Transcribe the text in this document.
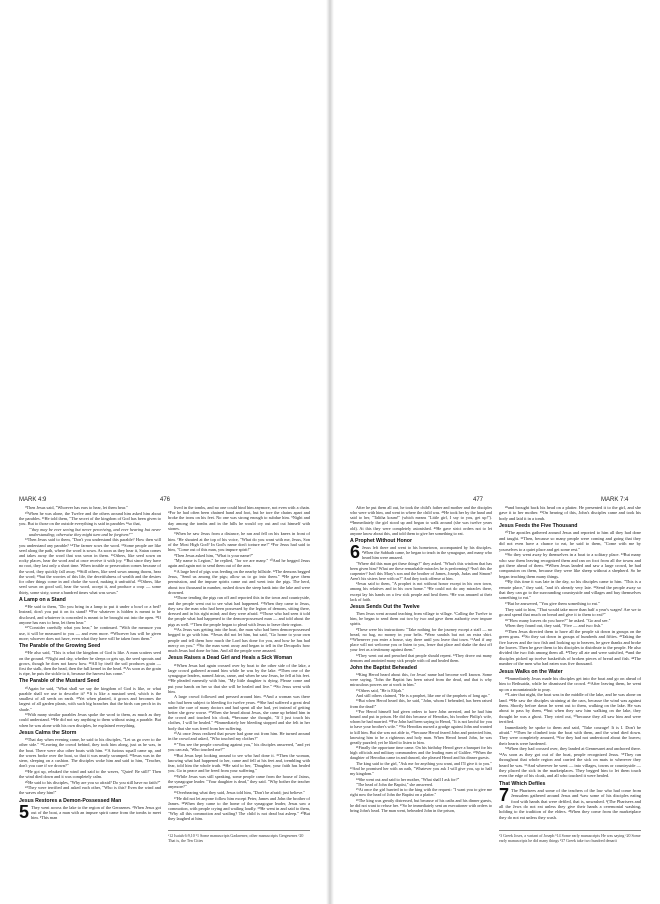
MARK 4:9	476

⁹Then Jesus said, "Whoever has ears to hear, let them hear."

¹⁰When he was alone, the Twelve and the others around him asked him about the parables. ¹¹He told them, "The secret of the kingdom of God has been given to you. But to those on the outside everything is said in parables ¹²so that,

"'they may be ever seeing but never perceiving, and ever hearing but never understanding; otherwise they might turn and be forgiven!'"

¹³Then Jesus said to them, "Don't you understand this parable? How then will you understand any parable? ¹⁴The farmer sows the word. ¹⁵Some people are like seed along the path, where the word is sown. As soon as they hear it, Satan comes and takes away the word that was sown in them. ¹⁶Others, like seed sown on rocky places, hear the word and at once receive it with joy. ¹⁷But since they have no root, they last only a short time. When trouble or persecution comes because of the word, they quickly fall away. ¹⁸Still others, like seed sown among thorns, hear the word; ¹⁹but the worries of this life, the deceitfulness of wealth and the desires for other things come in and choke the word, making it unfruitful. ²⁰Others, like seed sown on good soil, hear the word, accept it, and produce a crop — some thirty, some sixty, some a hundred times what was sown."

A Lamp on a Stand

²¹He said to them, "Do you bring in a lamp to put it under a bowl or a bed? Instead, don't you put it on its stand? ²²For whatever is hidden is meant to be disclosed, and whatever is concealed is meant to be brought out into the open. ²³If anyone has ears to hear, let them hear."

²⁴"Consider carefully what you hear," he continued. "With the measure you use, it will be measured to you — and even more. ²⁵Whoever has will be given more; whoever does not have, even what they have will be taken from them."

The Parable of the Growing Seed

²⁶He also said, "This is what the kingdom of God is like. A man scatters seed on the ground. ²⁷Night and day, whether he sleeps or gets up, the seed sprouts and grows, though he does not know how. ²⁸All by itself the soil produces grain — first the stalk, then the head, then the full kernel in the head. ²⁹As soon as the grain is ripe, he puts the sickle to it, because the harvest has come."

The Parable of the Mustard Seed

³⁰Again he said, "What shall we say the kingdom of God is like, or what parable shall we use to describe it? ³¹It is like a mustard seed, which is the smallest of all seeds on earth. ³²Yet when planted, it grows and becomes the largest of all garden plants, with such big branches that the birds can perch in its shade."

³³With many similar parables Jesus spoke the word to them, as much as they could understand. ³⁴He did not say anything to them without using a parable. But when he was alone with his own disciples, he explained everything.

Jesus Calms the Storm

³⁵That day when evening came, he said to his disciples, "Let us go over to the other side." ³⁶Leaving the crowd behind, they took him along, just as he was, in the boat. There were also other boats with him. ³⁷A furious squall came up, and the waves broke over the boat, so that it was nearly swamped. ³⁸Jesus was in the stern, sleeping on a cushion. The disciples woke him and said to him, "Teacher, don't you care if we drown?"

³⁹He got up, rebuked the wind and said to the waves, "Quiet! Be still!" Then the wind died down and it was completely calm.

⁴⁰He said to his disciples, "Why are you so afraid? Do you still have no faith?"

⁴¹They were terrified and asked each other, "Who is this? Even the wind and the waves obey him!"

Jesus Restores a Demon-Possessed Man

5 They went across the lake to the region of the Gerasenes. ²When Jesus got out of the boat, a man with an impure spirit came from the tombs to meet him. ³This man

lived in the tombs, and no one could bind him anymore, not even with a chain. ⁴For he had often been chained hand and foot, but he tore the chains apart and broke the irons on his feet. No one was strong enough to subdue him. ⁵Night and day among the tombs and in the hills he would cry out and cut himself with stones.

⁶When he saw Jesus from a distance, he ran and fell on his knees in front of him. ⁷He shouted at the top of his voice, "What do you want with me, Jesus, Son of the Most High God? In God's name don't torture me!" ⁸For Jesus had said to him, "Come out of this man, you impure spirit!"

⁹Then Jesus asked him, "What is your name?"

"My name is Legion," he replied, "for we are many." ¹⁰And he begged Jesus again and again not to send them out of the area.

¹¹A large herd of pigs was feeding on the nearby hillside. ¹²The demons begged Jesus, "Send us among the pigs; allow us to go into them." ¹³He gave them permission, and the impure spirits came out and went into the pigs. The herd, about two thousand in number, rushed down the steep bank into the lake and were drowned.

¹⁴Those tending the pigs ran off and reported this in the town and countryside, and the people went out to see what had happened. ¹⁵When they came to Jesus, they saw the man who had been possessed by the legion of demons, sitting there, dressed and in his right mind; and they were afraid. ¹⁶Those who had seen it told the people what had happened to the demon-possessed man — and told about the pigs as well. ¹⁷Then the people began to plead with Jesus to leave their region.

¹⁸As Jesus was getting into the boat, the man who had been demon-possessed begged to go with him. ¹⁹Jesus did not let him, but said, "Go home to your own people and tell them how much the Lord has done for you, and how he has had mercy on you." ²⁰So the man went away and began to tell in the Decapolis how much Jesus had done for him. And all the people were amazed.

Jesus Raises a Dead Girl and Heals a Sick Woman

²¹When Jesus had again crossed over by boat to the other side of the lake, a large crowd gathered around him while he was by the lake. ²²Then one of the synagogue leaders, named Jairus, came, and when he saw Jesus, he fell at his feet. ²³He pleaded earnestly with him, "My little daughter is dying. Please come and put your hands on her so that she will be healed and live." ²⁴So Jesus went with him.

A large crowd followed and pressed around him. ²⁵And a woman was there who had been subject to bleeding for twelve years. ²⁶She had suffered a great deal under the care of many doctors and had spent all she had, yet instead of getting better she grew worse. ²⁷When she heard about Jesus, she came up behind him in the crowd and touched his cloak, ²⁸because she thought, "If I just touch his clothes, I will be healed." ²⁹Immediately her bleeding stopped and she felt in her body that she was freed from her suffering.

³⁰At once Jesus realized that power had gone out from him. He turned around in the crowd and asked, "Who touched my clothes?"

³¹"You see the people crowding against you," his disciples answered, "and yet you can ask, 'Who touched me?'"

³²But Jesus kept looking around to see who had done it. ³³Then the woman, knowing what had happened to her, came and fell at his feet and, trembling with fear, told him the whole truth. ³⁴He said to her, "Daughter, your faith has healed you. Go in peace and be freed from your suffering."

³⁵While Jesus was still speaking, some people came from the house of Jairus, the synagogue leader. "Your daughter is dead," they said. "Why bother the teacher anymore?"

³⁶Overhearing what they said, Jesus told him, "Don't be afraid; just believe."

³⁷He did not let anyone follow him except Peter, James and John the brother of James. ³⁸When they came to the home of the synagogue leader, Jesus saw a commotion, with people crying and wailing loudly. ³⁹He went in and said to them, "Why all this commotion and wailing? The child is not dead but asleep." ⁴⁰But they laughed at him.

ᵃ12 Isaiah 6:9,10 ᵇ1 Some manuscripts Gadarenes; other manuscripts Gergesenes ᶜ20 That is, the Ten Cities
477	MARK 7:4

After he put them all out, he took the child's father and mother and the disciples who were with him, and went in where the child was. ⁴¹He took her by the hand and said to her, "Talitha koum!" (which means "Little girl, I say to you, get up!"). ⁴²Immediately the girl stood up and began to walk around (she was twelve years old). At this they were completely astonished. ⁴³He gave strict orders not to let anyone know about this, and told them to give her something to eat.

A Prophet Without Honor

6 Jesus left there and went to his hometown, accompanied by his disciples. ²When the Sabbath came, he began to teach in the synagogue, and many who heard him were amazed.

"Where did this man get these things?" they asked. "What's this wisdom that has been given him? What are these remarkable miracles he is performing? ³Isn't this the carpenter? Isn't this Mary's son and the brother of James, Joseph, Judas and Simon? Aren't his sisters here with us?" And they took offense at him.

⁴Jesus said to them, "A prophet is not without honor except in his own town, among his relatives and in his own home." ⁵He could not do any miracles there, except lay his hands on a few sick people and heal them. ⁶He was amazed at their lack of faith.

Jesus Sends Out the Twelve

Then Jesus went around teaching from village to village. ⁷Calling the Twelve to him, he began to send them out two by two and gave them authority over impure spirits.

⁸These were his instructions: "Take nothing for the journey except a staff — no bread, no bag, no money in your belts. ⁹Wear sandals but not an extra shirt. ¹⁰Whenever you enter a house, stay there until you leave that town. ¹¹And if any place will not welcome you or listen to you, leave that place and shake the dust off your feet as a testimony against them."

¹²They went out and preached that people should repent. ¹³They drove out many demons and anointed many sick people with oil and healed them.

John the Baptist Beheaded

¹⁴King Herod heard about this, for Jesus' name had become well known. Some were saying, "John the Baptist has been raised from the dead, and that is why miraculous powers are at work in him."

¹⁵Others said, "He is Elijah."

And still others claimed, "He is a prophet, like one of the prophets of long ago."

¹⁶But when Herod heard this, he said, "John, whom I beheaded, has been raised from the dead!"

¹⁷For Herod himself had given orders to have John arrested, and he had him bound and put in prison. He did this because of Herodias, his brother Philip's wife, whom he had married. ¹⁸For John had been saying to Herod, "It is not lawful for you to have your brother's wife." ¹⁹So Herodias nursed a grudge against John and wanted to kill him. But she was not able to, ²⁰because Herod feared John and protected him, knowing him to be a righteous and holy man. When Herod heard John, he was greatly puzzled; yet he liked to listen to him.

²¹Finally the opportune time came. On his birthday Herod gave a banquet for his high officials and military commanders and the leading men of Galilee. ²²When the daughter of Herodias came in and danced, she pleased Herod and his dinner guests.

The king said to the girl, "Ask me for anything you want, and I'll give it to you." ²³And he promised her with an oath, "Whatever you ask I will give you, up to half my kingdom."

²⁴She went out and said to her mother, "What shall I ask for?"

"The head of John the Baptist," she answered.

²⁵At once the girl hurried in to the king with the request: "I want you to give me right now the head of John the Baptist on a platter."

²⁶The king was greatly distressed, but because of his oaths and his dinner guests, he did not want to refuse her. ²⁷So he immediately sent an executioner with orders to bring John's head. The man went, beheaded John in the prison,

²⁸and brought back his head on a platter. He presented it to the girl, and she gave it to her mother. ²⁹On hearing of this, John's disciples came and took his body and laid it in a tomb.

Jesus Feeds the Five Thousand

³⁰The apostles gathered around Jesus and reported to him all they had done and taught. ³¹Then, because so many people were coming and going that they did not even have a chance to eat, he said to them, "Come with me by yourselves to a quiet place and get some rest."

³²So they went away by themselves in a boat to a solitary place. ³³But many who saw them leaving recognized them and ran on foot from all the towns and got there ahead of them. ³⁴When Jesus landed and saw a large crowd, he had compassion on them, because they were like sheep without a shepherd. So he began teaching them many things.

³⁵By this time it was late in the day, so his disciples came to him. "This is a remote place," they said, "and it's already very late. ³⁶Send the people away so that they can go to the surrounding countryside and villages and buy themselves something to eat."

³⁷But he answered, "You give them something to eat."

They said to him, "That would take more than half a year's wages! Are we to go and spend that much on bread and give it to them to eat?"

³⁸"How many loaves do you have?" he asked. "Go and see."

When they found out, they said, "Five — and two fish."

³⁹Then Jesus directed them to have all the people sit down in groups on the green grass. ⁴⁰So they sat down in groups of hundreds and fifties. ⁴¹Taking the five loaves and the two fish and looking up to heaven, he gave thanks and broke the loaves. Then he gave them to his disciples to distribute to the people. He also divided the two fish among them all. ⁴²They all ate and were satisfied, ⁴³and the disciples picked up twelve basketfuls of broken pieces of bread and fish. ⁴⁴The number of the men who had eaten was five thousand.

Jesus Walks on the Water

⁴⁵Immediately Jesus made his disciples get into the boat and go on ahead of him to Bethsaida, while he dismissed the crowd. ⁴⁶After leaving them, he went up on a mountainside to pray.

⁴⁷Later that night, the boat was in the middle of the lake, and he was alone on land. ⁴⁸He saw the disciples straining at the oars, because the wind was against them. Shortly before dawn he went out to them, walking on the lake. He was about to pass by them, ⁴⁹but when they saw him walking on the lake, they thought he was a ghost. They cried out, ⁵⁰because they all saw him and were terrified.

Immediately he spoke to them and said, "Take courage! It is I. Don't be afraid." ⁵¹Then he climbed into the boat with them, and the wind died down. They were completely amazed, ⁵²for they had not understood about the loaves; their hearts were hardened.

⁵³When they had crossed over, they landed at Gennesaret and anchored there. ⁵⁴As soon as they got out of the boat, people recognized Jesus. ⁵⁵They ran throughout that whole region and carried the sick on mats to wherever they heard he was. ⁵⁶And wherever he went — into villages, towns or countryside — they placed the sick in the marketplaces. They begged him to let them touch even the edge of his cloak, and all who touched it were healed.

That Which Defiles

7 The Pharisees and some of the teachers of the law who had come from Jerusalem gathered around Jesus and ²saw some of his disciples eating food with hands that were defiled, that is, unwashed. ³(The Pharisees and all the Jews do not eat unless they give their hands a ceremonial washing, holding to the tradition of the elders. ⁴When they come from the marketplace they do not eat unless they wash.

ᵃ3 Greek Joses, a variant of Joseph ᵇ14 Some early manuscripts He was saying ᶜ20 Some early manuscripts he did many things ᵈ37 Greek take two hundred denarii
